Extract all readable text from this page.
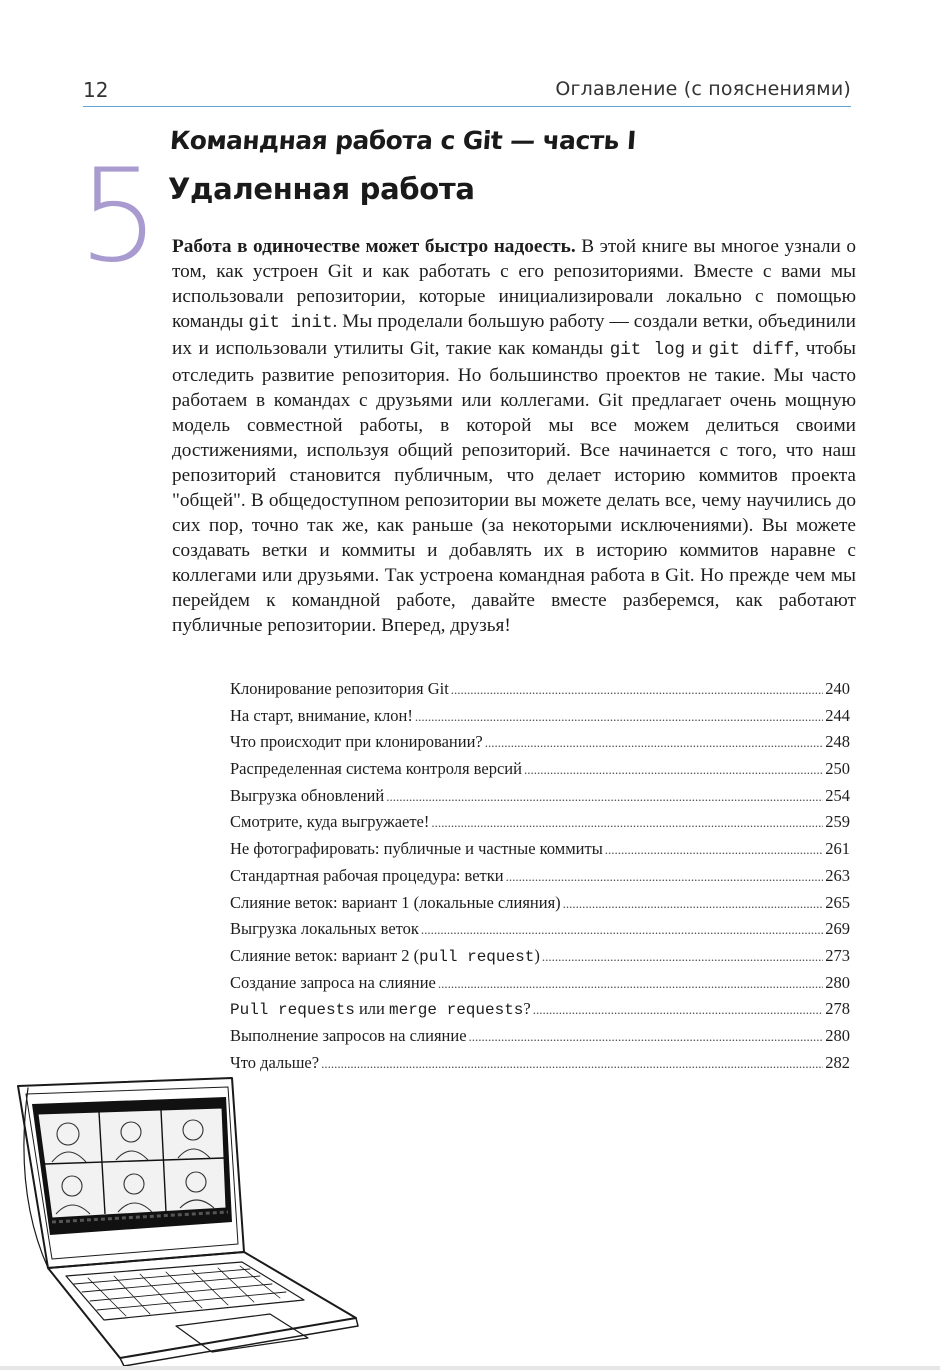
12	Оглавление (с пояснениями)
5
Командная работа с Git — часть I
Удаленная работа

Работа в одиночестве может быстро надоесть. В этой книге вы многое узнали о том, как устроен Git и как работать с его репозиториями. Вместе с вами мы использовали репозитории, которые инициализировали локально с помощью команды git init. Мы проделали большую работу — создали ветки, объединили их и использовали утилиты Git, такие как команды git log и git diff, чтобы отследить развитие репозитория. Но большинство проектов не такие. Мы часто работаем в командах с друзьями или коллегами. Git предлагает очень мощную модель совместной работы, в которой мы все можем делиться своими достижениями, используя общий репозиторий. Все начинается с того, что наш репозиторий становится публичным, что делает историю коммитов проекта "общей". В общедоступном репозитории вы можете делать все, чему научились до сих пор, точно так же, как раньше (за некоторыми исключениями). Вы можете создавать ветки и коммиты и добавлять их в историю коммитов наравне с коллегами или друзьями. Так устроена командная работа в Git. Но прежде чем мы перейдем к командной работе, давайте вместе разберемся, как работают публичные репозитории. Вперед, друзья!

Клонирование репозитория Git .....	240
На старт, внимание, клон! .....	244
Что происходит при клонировании? .....	248
Распределенная система контроля версий .....	250
Выгрузка обновлений .....	254
Смотрите, куда выгружаете! .....	259
Не фотографировать: публичные и частные коммиты .....	261
Стандартная рабочая процедура: ветки .....	263
Слияние веток: вариант 1 (локальные слияния) .....	265
Выгрузка локальных веток .....	269
Слияние веток: вариант 2 (pull request) .....	273
Создание запроса на слияние .....	280
Pull requests или merge requests? .....	278
Выполнение запросов на слияние .....	280
Что дальше? .....	282
